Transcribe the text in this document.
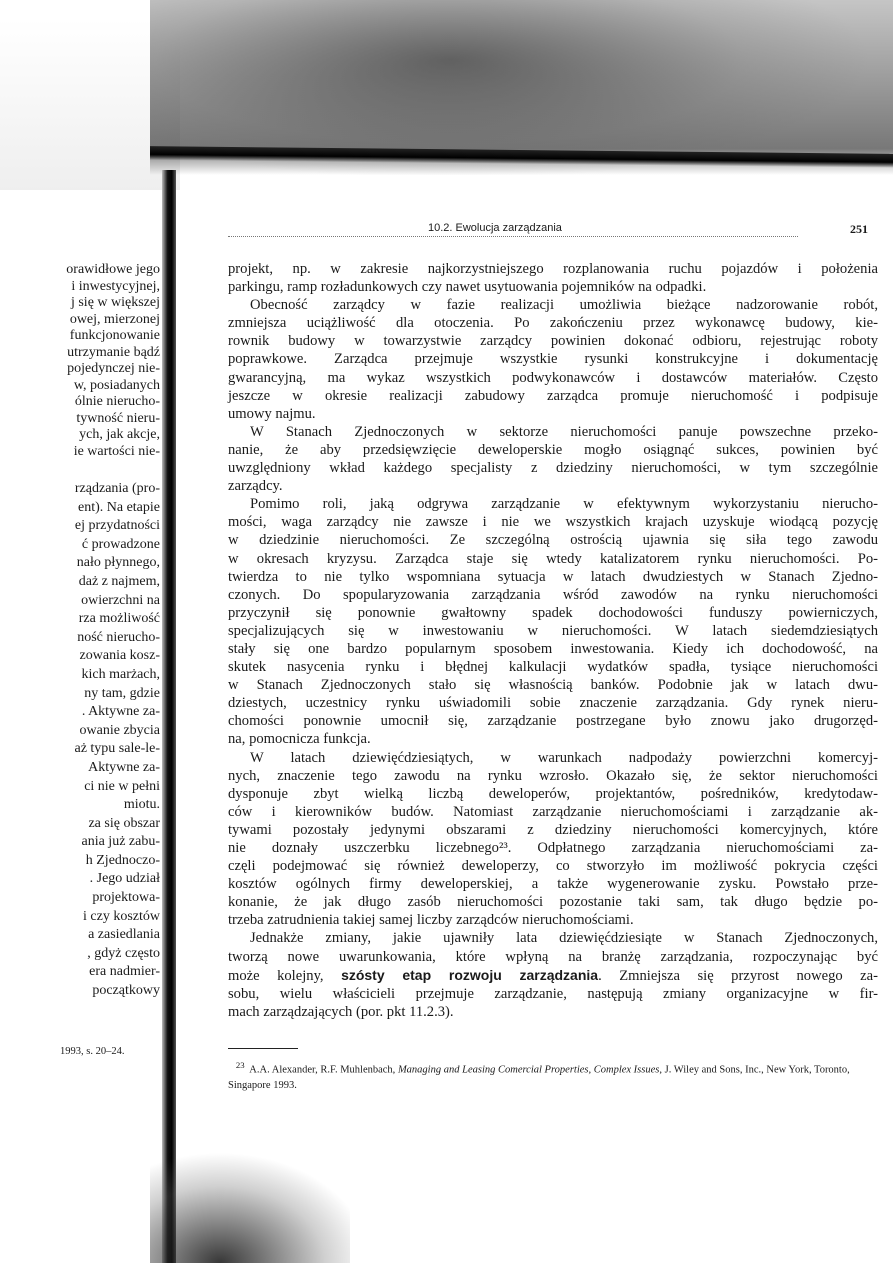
orawidłowe jego
i inwestycyjnej,
j się w większej
owej, mierzonej
funkcjonowanie
utrzymanie bądź
pojedynczej nie-
w, posiadanych
ólnie nierucho-
tywność nieru-
ych, jak akcje,
ie wartości nie-
rządzania (pro-
ent). Na etapie
ej przydatności
ć prowadzone
nało płynnego,
daż z najmem,
owierzchni na
rza możliwość
ność nierucho-
zowania kosz-
kich marżach,
ny tam, gdzie
. Aktywne za-
owanie zbycia
aż typu sale-le-
Aktywne za-
ci nie w pełni
miotu.
za się obszar
ania już zabu-
h Zjednoczo-
. Jego udział
projektowa-
i czy kosztów
a zasiedlania
, gdyż często
era nadmier-
początkowy
1993, s. 20–24.
10.2. Ewolucja zarządzania	251
projekt, np. w zakresie najkorzystniejszego rozplanowania ruchu pojazdów i położenia
parkingu, ramp rozładunkowych czy nawet usytuowania pojemników na odpadki.
Obecność zarządcy w fazie realizacji umożliwia bieżące nadzorowanie robót,
zmniejsza uciążliwość dla otoczenia. Po zakończeniu przez wykonawcę budowy, kie-
rownik budowy w towarzystwie zarządcy powinien dokonać odbioru, rejestrując roboty
poprawkowe. Zarządca przejmuje wszystkie rysunki konstrukcyjne i dokumentację
gwarancyjną, ma wykaz wszystkich podwykonawców i dostawców materiałów. Często
jeszcze w okresie realizacji zabudowy zarządca promuje nieruchomość i podpisuje
umowy najmu.
W Stanach Zjednoczonych w sektorze nieruchomości panuje powszechne przeko-
nanie, że aby przedsięwzięcie deweloperskie mogło osiągnąć sukces, powinien być
uwzględniony wkład każdego specjalisty z dziedziny nieruchomości, w tym szczególnie
zarządcy.
Pomimo roli, jaką odgrywa zarządzanie w efektywnym wykorzystaniu nierucho-
mości, waga zarządcy nie zawsze i nie we wszystkich krajach uzyskuje wiodącą pozycję
w dziedzinie nieruchomości. Ze szczególną ostrością ujawnia się siła tego zawodu
w okresach kryzysu. Zarządca staje się wtedy katalizatorem rynku nieruchomości. Po-
twierdza to nie tylko wspomniana sytuacja w latach dwudziestych w Stanach Zjedno-
czonych. Do spopularyzowania zarządzania wśród zawodów na rynku nieruchomości
przyczynił się ponownie gwałtowny spadek dochodowości funduszy powierniczych,
specjalizujących się w inwestowaniu w nieruchomości. W latach siedemdziesiątych
stały się one bardzo popularnym sposobem inwestowania. Kiedy ich dochodowość, na
skutek nasycenia rynku i błędnej kalkulacji wydatków spadła, tysiące nieruchomości
w Stanach Zjednoczonych stało się własnością banków. Podobnie jak w latach dwu-
dziestych, uczestnicy rynku uświadomili sobie znaczenie zarządzania. Gdy rynek nieru-
chomości ponownie umocnił się, zarządzanie postrzegane było znowu jako drugorzęd-
na, pomocnicza funkcja.
W latach dziewięćdziesiątych, w warunkach nadpodaży powierzchni komercyj-
nych, znaczenie tego zawodu na rynku wzrosło. Okazało się, że sektor nieruchomości
dysponuje zbyt wielką liczbą deweloperów, projektantów, pośredników, kredytodaw-
ców i kierowników budów. Natomiast zarządzanie nieruchomościami i zarządzanie ak-
tywami pozostały jedynymi obszarami z dziedziny nieruchomości komercyjnych, które
nie doznały uszczerbku liczebnego²³. Odpłatnego zarządzania nieruchomościami za-
częli podejmować się również deweloperzy, co stworzyło im możliwość pokrycia części
kosztów ogólnych firmy deweloperskiej, a także wygenerowanie zysku. Powstało prze-
konanie, że jak długo zasób nieruchomości pozostanie taki sam, tak długo będzie po-
trzeba zatrudnienia takiej samej liczby zarządców nieruchomościami.
Jednakże zmiany, jakie ujawniły lata dziewięćdziesiąte w Stanach Zjednoczonych,
tworzą nowe uwarunkowania, które wpłyną na branżę zarządzania, rozpoczynając być
może kolejny, szósty etap rozwoju zarządzania. Zmniejsza się przyrost nowego za-
sobu, wielu właścicieli przejmuje zarządzanie, następują zmiany organizacyjne w fir-
mach zarządzających (por. pkt 11.2.3).
$^{23}$ A.A. Alexander, R.F. Muhlenbach, Managing and Leasing Comercial Properties, Complex Issues, J. Wiley and Sons, Inc., New York, Toronto, Singapore 1993.
